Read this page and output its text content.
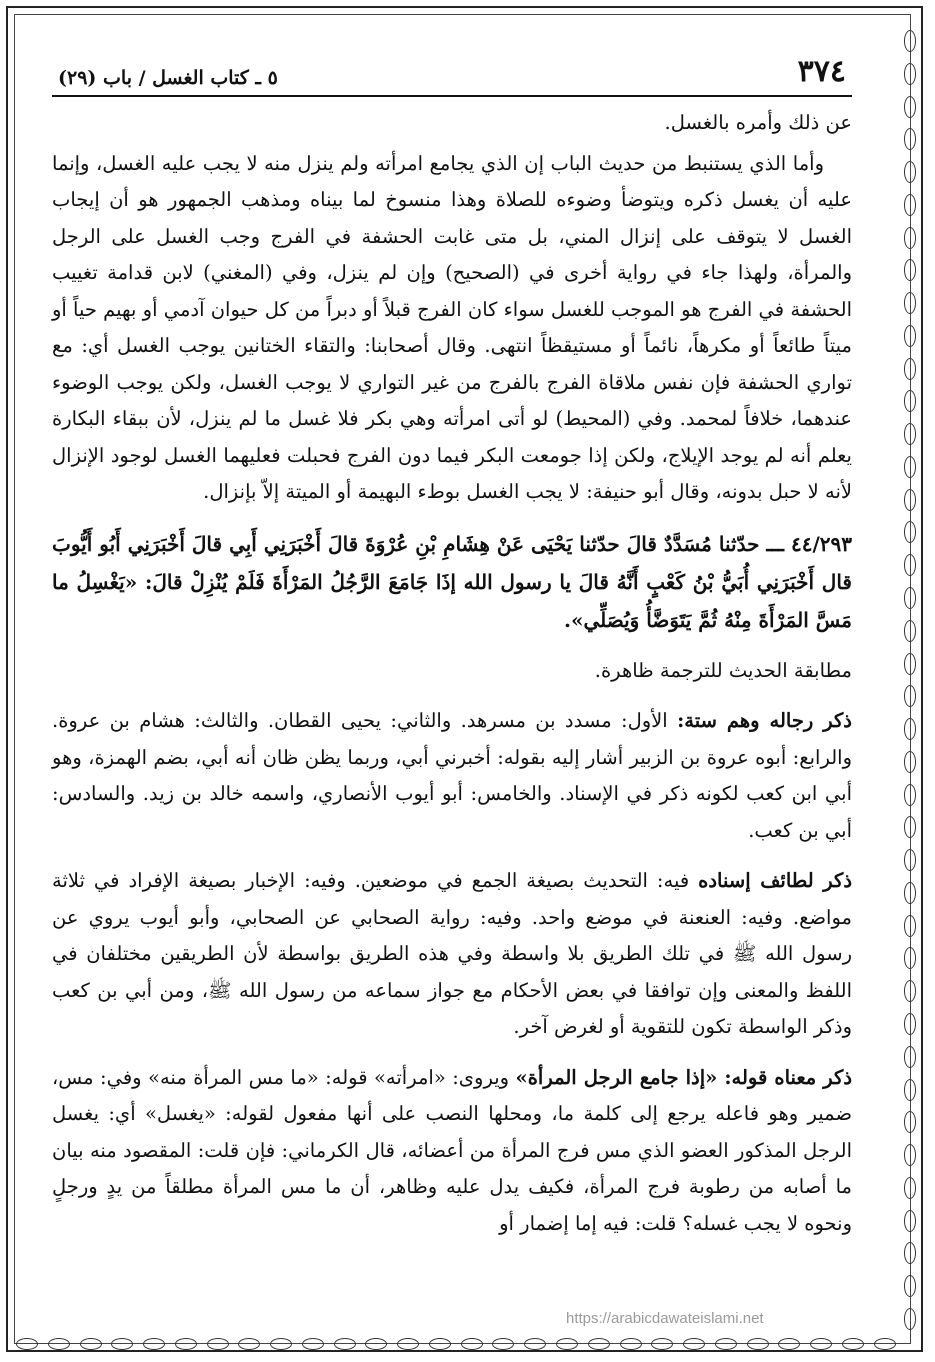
٣٧٤
٥ ـ كتاب الغسل / باب (٢٩)

عن ذلك وأمره بالغسل.

وأما الذي يستنبط من حديث الباب إن الذي يجامع امرأته ولم ينزل منه لا يجب عليه الغسل، وإنما عليه أن يغسل ذكره ويتوضأ وضوءه للصلاة وهذا منسوخ لما بيناه ومذهب الجمهور هو أن إيجاب الغسل لا يتوقف على إنزال المني، بل متى غابت الحشفة في الفرج وجب الغسل على الرجل والمرأة، ولهذا جاء في رواية أخرى في (الصحيح) وإن لم ينزل، وفي (المغني) لابن قدامة تغييب الحشفة في الفرج هو الموجب للغسل سواء كان الفرج قبلاً أو دبراً من كل حيوان آدمي أو بهيم حياً أو ميتاً طائعاً أو مكرهاً، نائماً أو مستيقظاً انتهى. وقال أصحابنا: والتقاء الختانين يوجب الغسل أي: مع تواري الحشفة فإن نفس ملاقاة الفرج بالفرج من غير التواري لا يوجب الغسل، ولكن يوجب الوضوء عندهما، خلافاً لمحمد. وفي (المحيط) لو أتى امرأته وهي بكر فلا غسل ما لم ينزل، لأن ببقاء البكارة يعلم أنه لم يوجد الإيلاج، ولكن إذا جومعت البكر فيما دون الفرج فحبلت فعليهما الغسل لوجود الإنزال لأنه لا حبل بدونه، وقال أبو حنيفة: لا يجب الغسل بوطء البهيمة أو الميتة إلاّ بإنزال.

٤٤/٢٩٣ ـــ حدّثنا مُسَدَّدٌ قالَ حدّثنا يَحْيَى عَنْ هِشَامِ بْنِ عُرْوَةَ قالَ أَخْبَرَنِي أَبِي قالَ أَخْبَرَنِي أَبُو أَيُّوبَ قال أَخْبَرَنِي أُبَيُّ بْنُ كَعْبٍ أَنَّهُ قالَ يا رسول الله إذَا جَامَعَ الرَّجُلُ المَرْأَةَ فَلَمْ يُنْزِلْ قالَ: «يَغْسِلُ ما مَسَّ المَرْأَةَ مِنْهُ ثُمَّ يَتَوَضَّأُ وَيُصَلِّي».

مطابقة الحديث للترجمة ظاهرة.

ذكر رجاله وهم ستة: الأول: مسدد بن مسرهد. والثاني: يحيى القطان. والثالث: هشام بن عروة. والرابع: أبوه عروة بن الزبير أشار إليه بقوله: أخبرني أبي، وربما يظن ظان أنه أبي، بضم الهمزة، وهو أبي ابن كعب لكونه ذكر في الإسناد. والخامس: أبو أيوب الأنصاري، واسمه خالد بن زيد. والسادس: أبي بن كعب.

ذكر لطائف إسناده فيه: التحديث بصيغة الجمع في موضعين. وفيه: الإخبار بصيغة الإفراد في ثلاثة مواضع. وفيه: العنعنة في موضع واحد. وفيه: رواية الصحابي عن الصحابي، وأبو أيوب يروي عن رسول الله ﷺ في تلك الطريق بلا واسطة وفي هذه الطريق بواسطة لأن الطريقين مختلفان في اللفظ والمعنى وإن توافقا في بعض الأحكام مع جواز سماعه من رسول الله ﷺ، ومن أبي بن كعب وذكر الواسطة تكون للتقوية أو لغرض آخر.

ذكر معناه قوله: «إذا جامع الرجل المرأة» ويروى: «امرأته» قوله: «ما مس المرأة منه» وفي: مس، ضمير وهو فاعله يرجع إلى كلمة ما، ومحلها النصب على أنها مفعول لقوله: «يغسل» أي: يغسل الرجل المذكور العضو الذي مس فرج المرأة من أعضائه، قال الكرماني: فإن قلت: المقصود منه بيان ما أصابه من رطوبة فرج المرأة، فكيف يدل عليه وظاهر، أن ما مس المرأة مطلقاً من يدٍ ورجلٍ ونحوه لا يجب غسله؟ قلت: فيه إما إضمار أو

https://arabicdawateislami.net
